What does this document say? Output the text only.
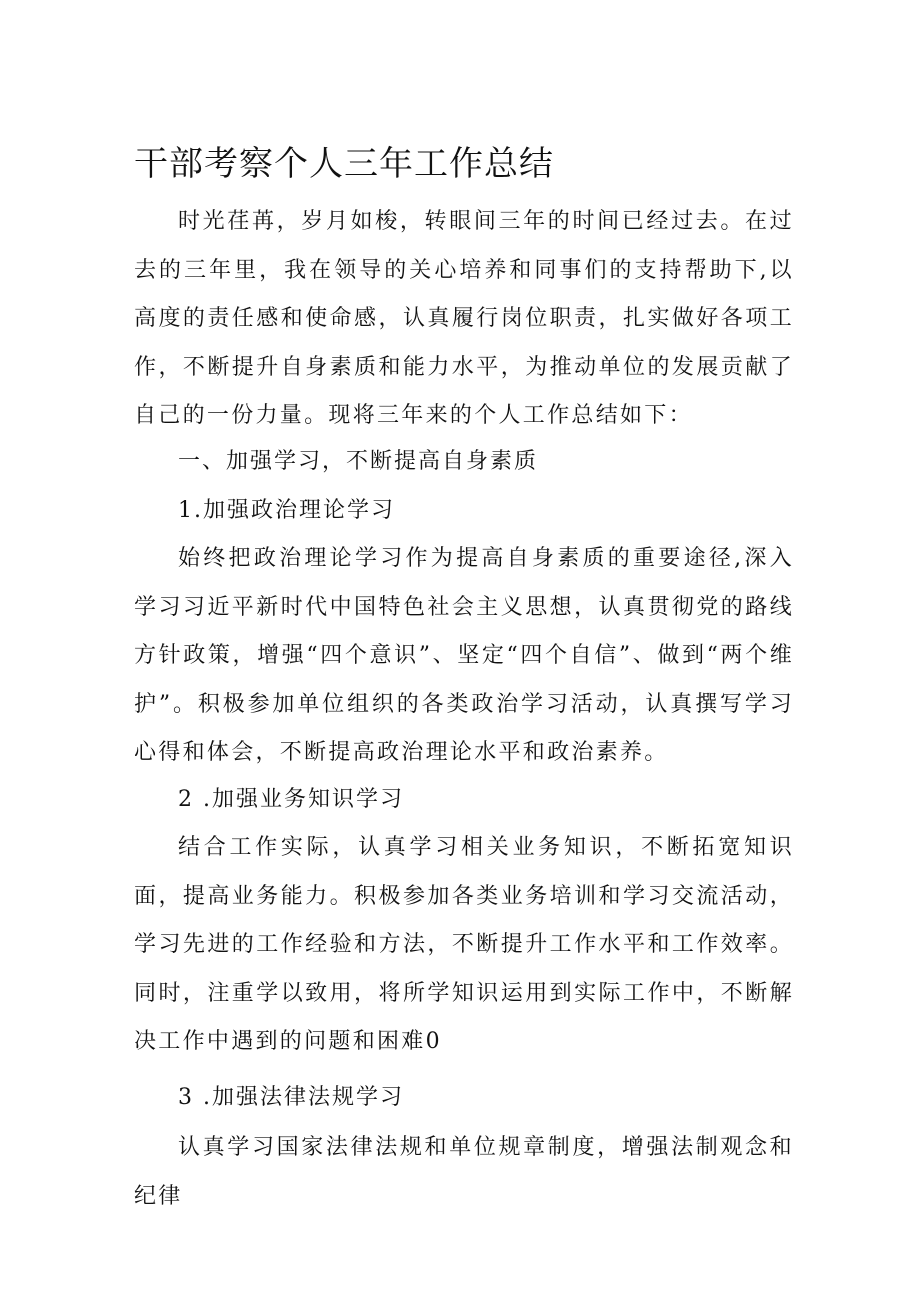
干部考察个人三年工作总结

时光荏苒，岁月如梭，转眼间三年的时间已经过去。在过去的三年里，我在领导的关心培养和同事们的支持帮助下,以高度的责任感和使命感，认真履行岗位职责，扎实做好各项工作，不断提升自身素质和能力水平，为推动单位的发展贡献了自己的一份力量。现将三年来的个人工作总结如下：

一、加强学习，不断提高自身素质
1.加强政治理论学习

始终把政治理论学习作为提高自身素质的重要途径,深入学习习近平新时代中国特色社会主义思想，认真贯彻党的路线方针政策，增强“四个意识”、坚定“四个自信”、做到“两个维护”。积极参加单位组织的各类政治学习活动，认真撰写学习心得和体会，不断提高政治理论水平和政治素养。

2 .加强业务知识学习

结合工作实际，认真学习相关业务知识，不断拓宽知识面，提高业务能力。积极参加各类业务培训和学习交流活动，学习先进的工作经验和方法，不断提升工作水平和工作效率。同时，注重学以致用，将所学知识运用到实际工作中，不断解决工作中遇到的问题和困难0

3 .加强法律法规学习

认真学习国家法律法规和单位规章制度，增强法制观念和纪律
